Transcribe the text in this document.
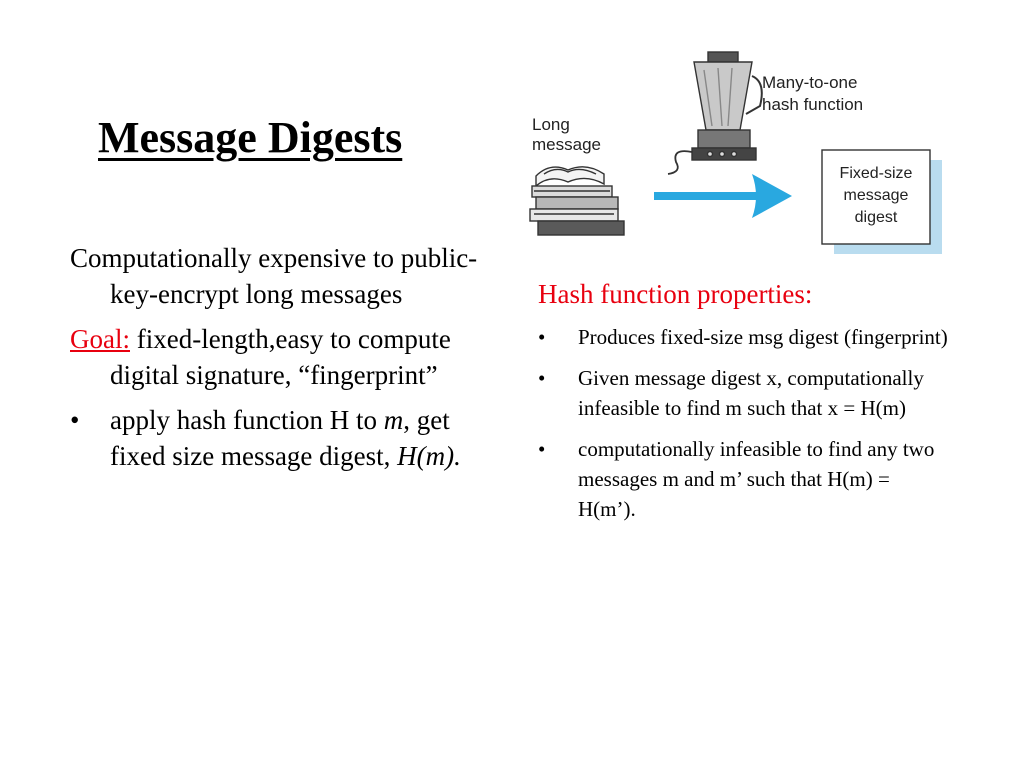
Message Digests	Long
message
Many-to-one
hash function
Fixed-size
message
digest

Computationally expensive to public-key-encrypt long messages

Goal: fixed-length,easy to compute digital signature, “fingerprint”

• apply hash function H to m, get fixed size message digest, H(m).
Hash function properties:
• Produces fixed-size msg digest (fingerprint)
• Given message digest x, computationally infeasible to find m such that x = H(m)
• computationally infeasible to find any two messages m and m’ such that H(m) = H(m’).
